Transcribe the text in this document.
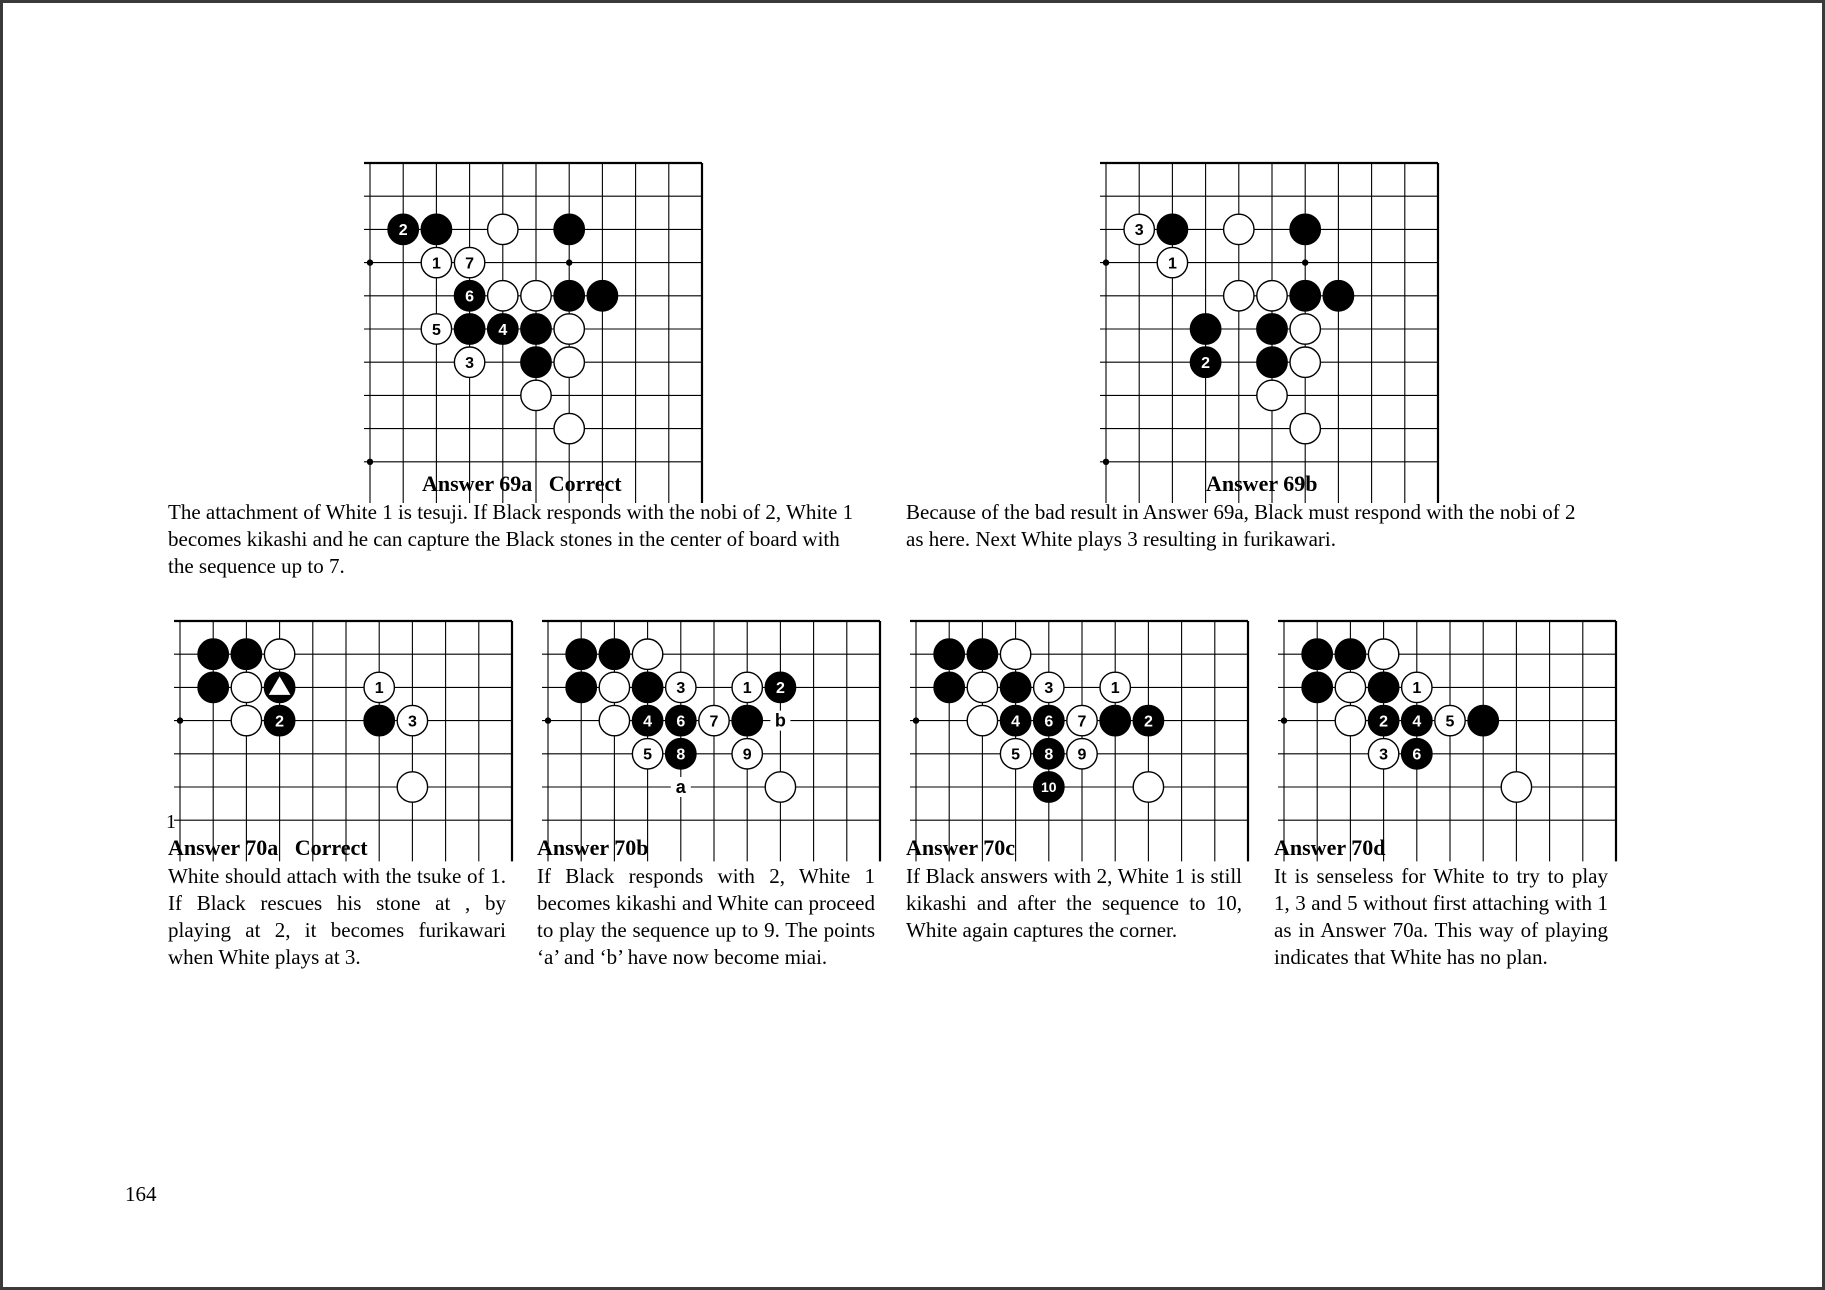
2
1 7
6
5	4
3
Answer 69a   Correct
The attachment of White 1 is tesuji. If Black responds with the nobi of 2, White 1 becomes kikashi and he can capture the Black stones in the center of board with the sequence up to 7.
3
1
2
Answer 69b
Because of the bad result in Answer 69a, Black must respond with the nobi of 2 as here. Next White plays 3 resulting in furikawari.
1
2	3
1
Answer 70a   Correct
White should attach with the tsuke of 1. If Black rescues his stone at , by playing at 2, it becomes furikawari when White plays at 3.
b
a
3	1 2
4 6 7
5 8	9
Answer 70b
If Black responds with 2, White 1 becomes kikashi and White can proceed to play the sequence up to 9. The points ‘a’ and ‘b’ have now become miai.
3	1
4 6 7	2
5 8 9
10
Answer 70c
If Black answers with 2, White 1 is still kikashi and after the sequence to 10, White again captures the corner.
1
2 4 5
3 6
Answer 70d
It is senseless for White to try to play 1, 3 and 5 without first attaching with 1 as in Answer 70a. This way of playing indicates that White has no plan.
164
